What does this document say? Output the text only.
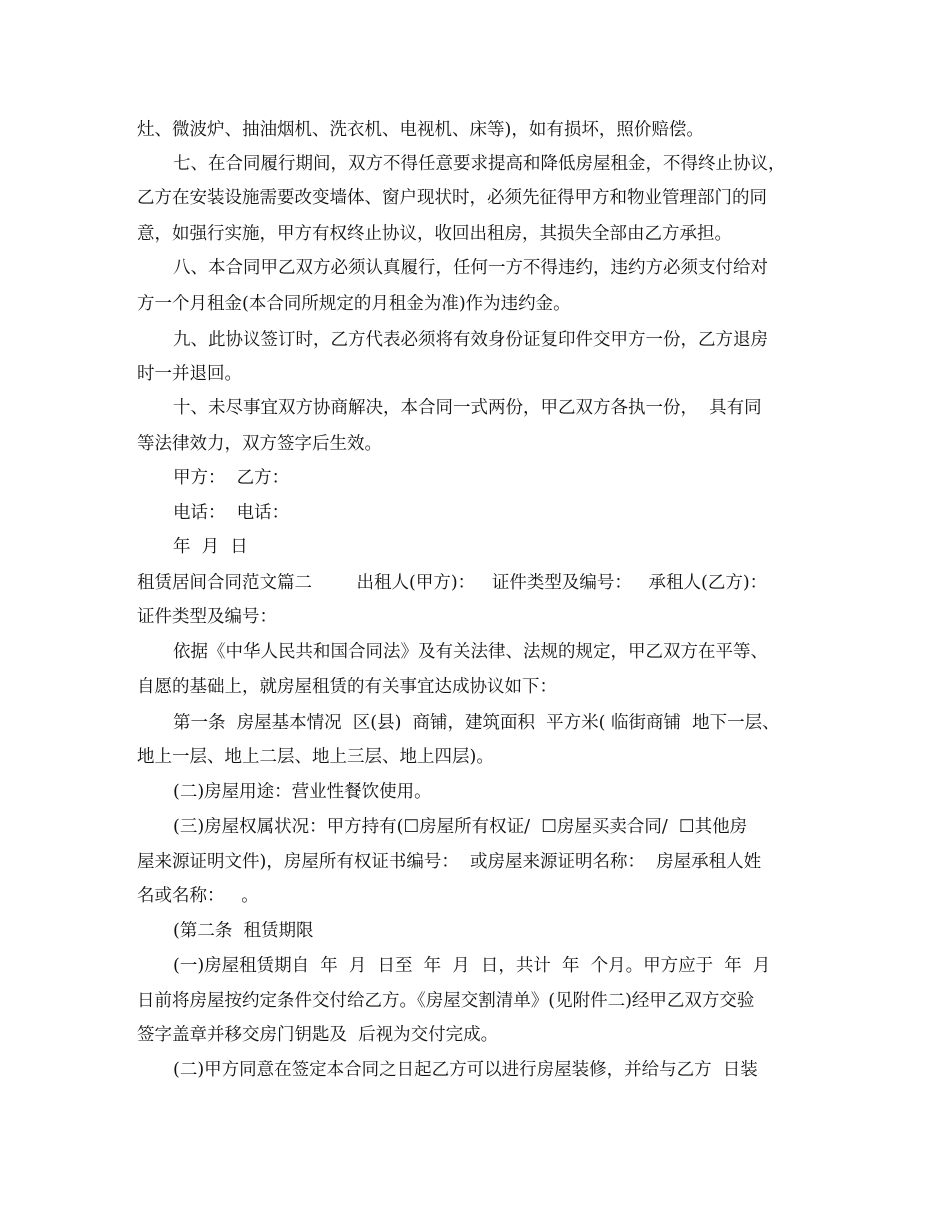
灶、微波炉、抽油烟机、洗衣机、电视机、床等)，如有损坏，照价赔偿。
七、在合同履行期间，双方不得任意要求提高和降低房屋租金，不得终止协议，
乙方在安装设施需要改变墙体、窗户现状时，必须先征得甲方和物业管理部门的同
意，如强行实施，甲方有权终止协议，收回出租房，其损失全部由乙方承担。
八、本合同甲乙双方必须认真履行，任何一方不得违约，违约方必须支付给对
方一个月租金(本合同所规定的月租金为准)作为违约金。
九、此协议签订时，乙方代表必须将有效身份证复印件交甲方一份，乙方退房
时一并退回。
十、未尽事宜双方协商解决，本合同一式两份，甲乙双方各执一份，  具有同
等法律效力，双方签字后生效。
甲方：  乙方：
电话：  电话：
年  月  日
租赁居间合同范文篇二        出租人(甲方)：   证件类型及编号：   承租人(乙方)：
证件类型及编号：
依据《中华人民共和国合同法》及有关法律、法规的规定，甲乙双方在平等、
自愿的基础上，就房屋租赁的有关事宜达成协议如下：
第一条  房屋基本情况  区(县)  商铺，建筑面积  平方米( 临街商铺  地下一层、
地上一层、地上二层、地上三层、地上四层)。
(二)房屋用途：营业性餐饮使用。
(三)房屋权属状况：甲方持有(☐房屋所有权证/  ☐房屋买卖合同/  ☐其他房
屋来源证明文件)，房屋所有权证书编号：  或房屋来源证明名称：  房屋承租人姓
名或名称：   。
(第二条  租赁期限
(一)房屋租赁期自  年  月  日至  年  月  日，共计  年  个月。甲方应于  年  月
日前将房屋按约定条件交付给乙方。《房屋交割清单》(见附件二)经甲乙双方交验
签字盖章并移交房门钥匙及  后视为交付完成。
(二)甲方同意在签定本合同之日起乙方可以进行房屋装修，并给与乙方  日装
